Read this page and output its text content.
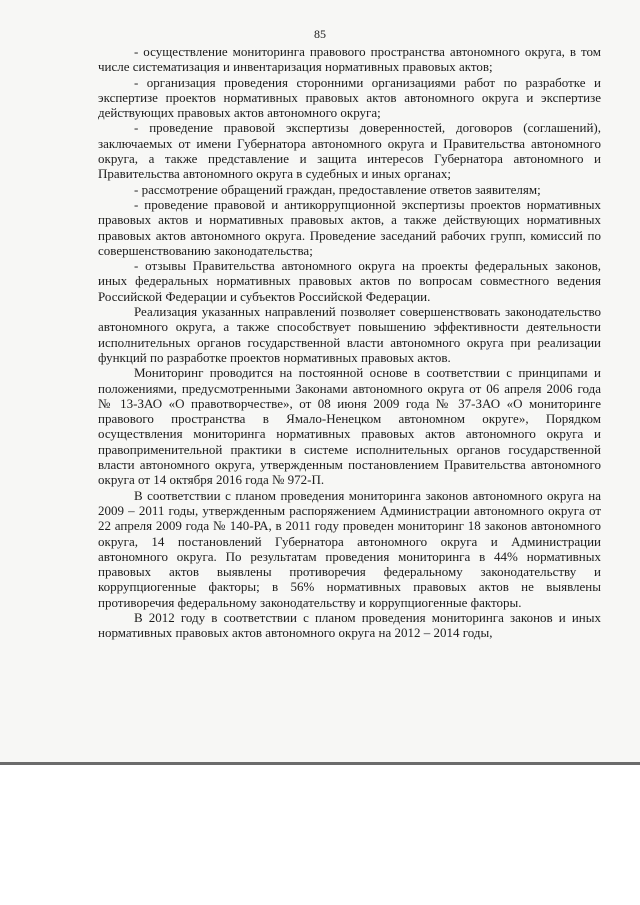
85

- осуществление мониторинга правового пространства автономного округа, в том числе систематизация и инвентаризация нормативных правовых актов;

- организация проведения сторонними организациями работ по разработке и экспертизе проектов нормативных правовых актов автономного округа и экспертизе действующих правовых актов автономного округа;

- проведение правовой экспертизы доверенностей, договоров (соглашений), заключаемых от имени Губернатора автономного округа и Правительства автономного округа, а также представление и защита интересов Губернатора автономного и Правительства автономного округа в судебных и иных органах;

- рассмотрение обращений граждан, предоставление ответов заявителям;

- проведение правовой и антикоррупционной экспертизы проектов нормативных правовых актов и нормативных правовых актов, а также действующих нормативных правовых актов автономного округа. Проведение заседаний рабочих групп, комиссий по совершенствованию законодательства;

- отзывы Правительства автономного округа на проекты федеральных законов, иных федеральных нормативных правовых актов по вопросам совместного ведения Российской Федерации и субъектов Российской Федерации.

Реализация указанных направлений позволяет совершенствовать законодательство автономного округа, а также способствует повышению эффективности деятельности исполнительных органов государственной власти автономного округа при реализации функций по разработке проектов нормативных правовых актов.

Мониторинг проводится на постоянной основе в соответствии с принципами и положениями, предусмотренными Законами автономного округа от 06 апреля 2006 года № 13-ЗАО «О правотворчестве», от 08 июня 2009 года № 37-ЗАО «О мониторинге правового пространства в Ямало-Ненецком автономном округе», Порядком осуществления мониторинга нормативных правовых актов автономного округа и правоприменительной практики в системе исполнительных органов государственной власти автономного округа, утвержденным постановлением Правительства автономного округа от 14 октября 2016 года № 972-П.

В соответствии с планом проведения мониторинга законов автономного округа на 2009 – 2011 годы, утвержденным распоряжением Администрации автономного округа от 22 апреля 2009 года № 140-РА, в 2011 году проведен мониторинг 18 законов автономного округа, 14 постановлений Губернатора автономного округа и Администрации автономного округа. По результатам проведения мониторинга в 44% нормативных правовых актов выявлены противоречия федеральному законодательству и коррупциогенные факторы; в 56% нормативных правовых актов не выявлены противоречия федеральному законодательству и коррупциогенные факторы.

В 2012 году в соответствии с планом проведения мониторинга законов и иных нормативных правовых актов автономного округа на 2012 – 2014 годы,
